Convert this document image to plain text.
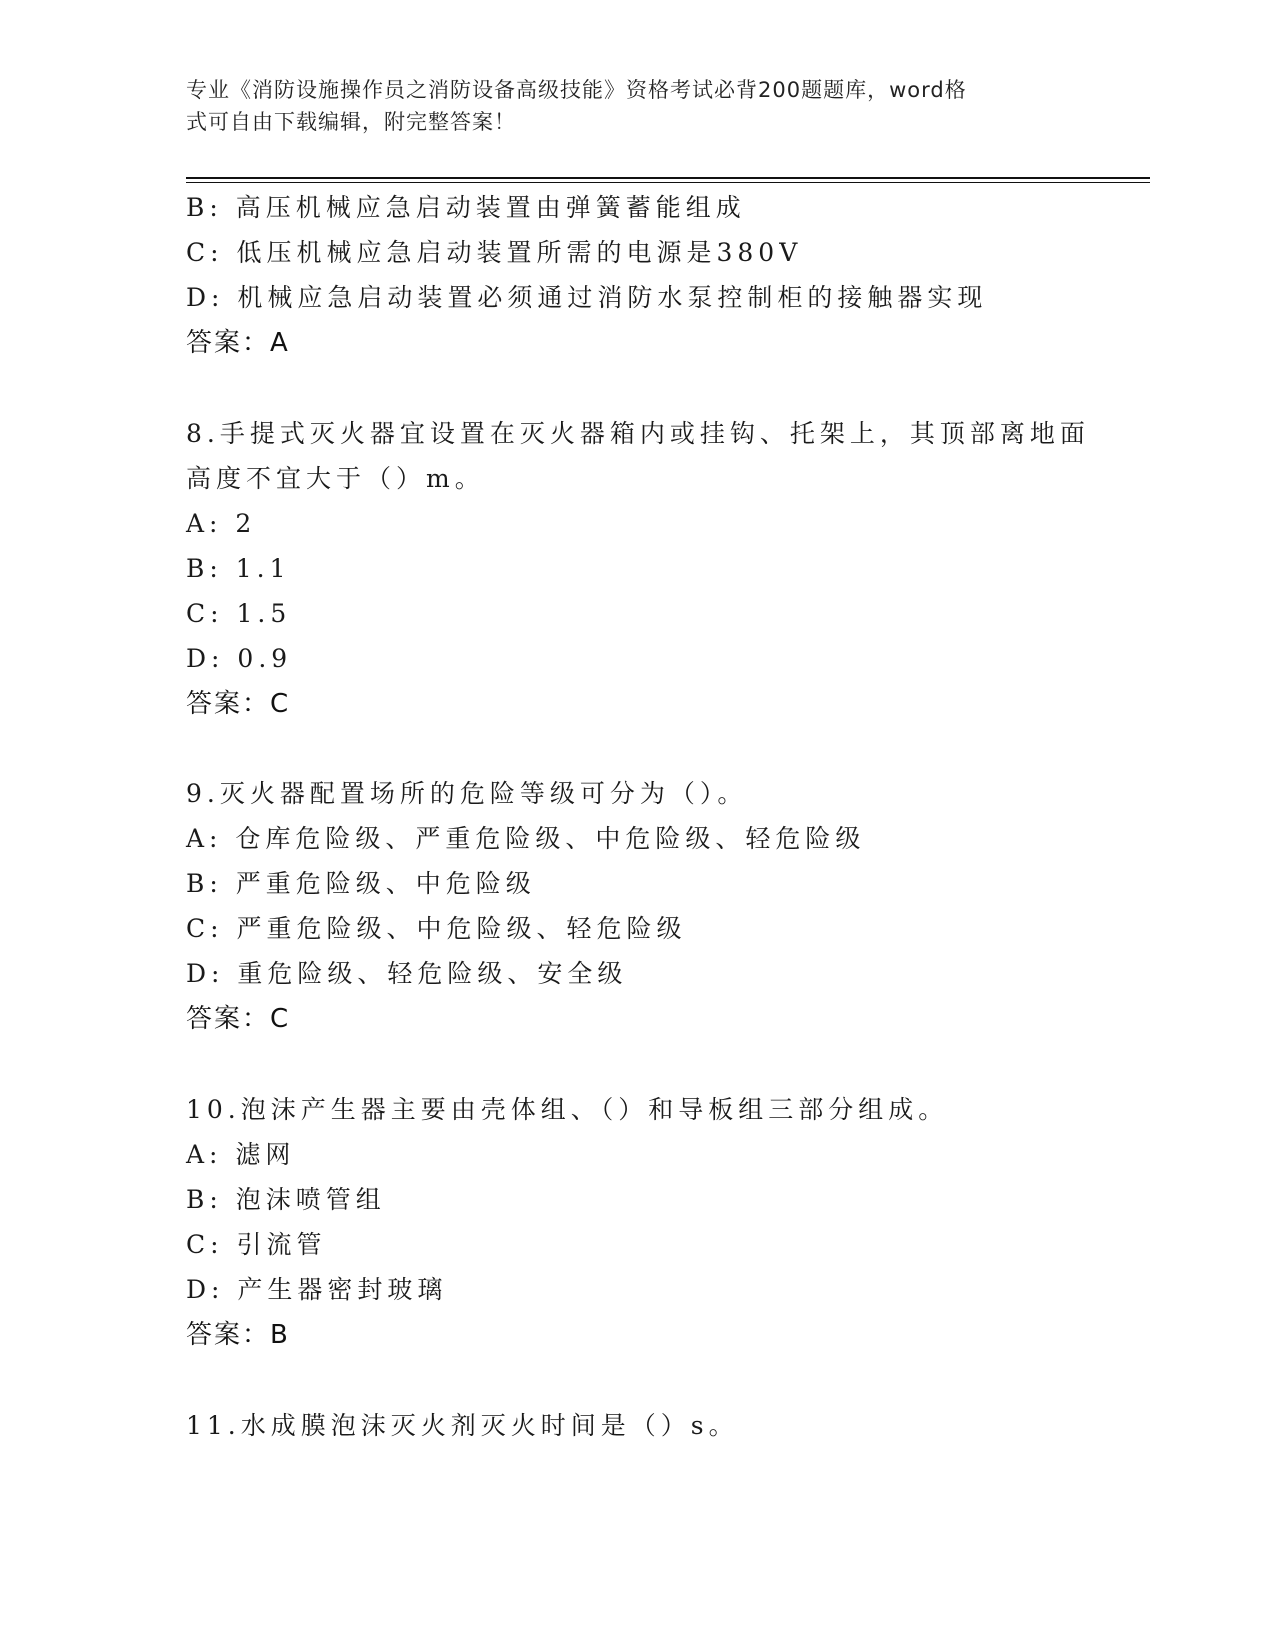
专业《消防设施操作员之消防设备高级技能》资格考试必背200题题库，word格
式可自由下载编辑，附完整答案！
B: 高压机械应急启动装置由弹簧蓄能组成
C: 低压机械应急启动装置所需的电源是380V
D: 机械应急启动装置必须通过消防水泵控制柜的接触器实现
答案：A
8.手提式灭火器宜设置在灭火器箱内或挂钩、托架上，其顶部离地面
高度不宜大于（）m。
A: 2
B: 1.1
C: 1.5
D: 0.9
答案：C
9.灭火器配置场所的危险等级可分为（）。
A: 仓库危险级、严重危险级、中危险级、轻危险级
B: 严重危险级、中危险级
C: 严重危险级、中危险级、轻危险级
D: 重危险级、轻危险级、安全级
答案：C
10.泡沫产生器主要由壳体组、（）和导板组三部分组成。
A: 滤网
B: 泡沫喷管组
C: 引流管
D: 产生器密封玻璃
答案：B
11.水成膜泡沫灭火剂灭火时间是（）s。
